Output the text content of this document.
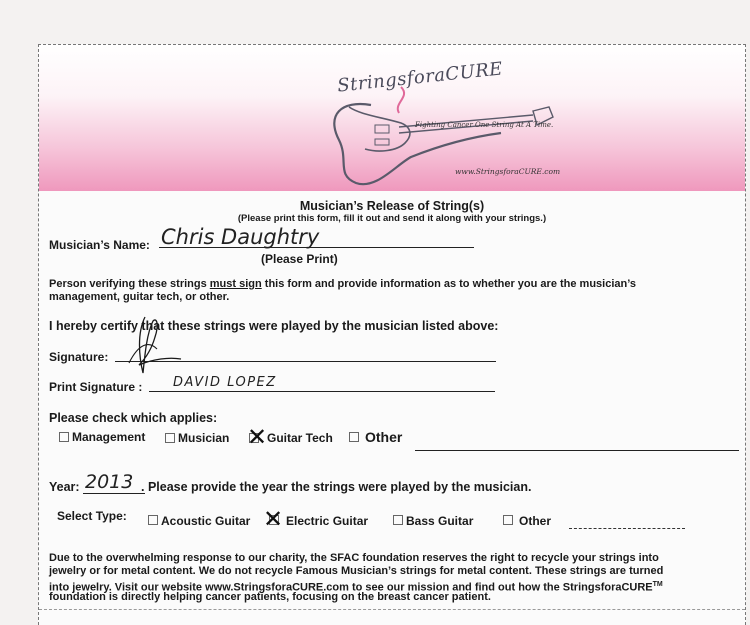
StringsforaCURE
Fighting Cancer One String At A Time.
www.StringsforaCURE.com
Musician’s Release of String(s)
(Please print this form, fill it out and send it along with your strings.)
Musician’s Name: Chris Daughtry
(Please Print)
Person verifying these strings must sign this form and provide information as to whether you are the musician’s
management, guitar tech, or other.
I hereby certify that these strings were played by the musician listed above:
Signature:
Print Signature : DAVID LOPEZ
Please check which applies:
Management	Musician ✕ Guitar Tech Other
Year: 2013 . Please provide the year the strings were played by the musician.
Select Type:	Acoustic Guitar ✕ Electric Guitar	Bass Guitar	Other
Due to the overwhelming response to our charity, the SFAC foundation reserves the right to recycle your strings into
jewelry or for metal content. We do not recycle Famous Musician’s strings for metal content. These strings are turned
into jewelry. Visit our website www.StringsforaCURE.com to see our mission and find out how the StringsforaCURE™
foundation is directly helping cancer patients, focusing on the breast cancer patient.
